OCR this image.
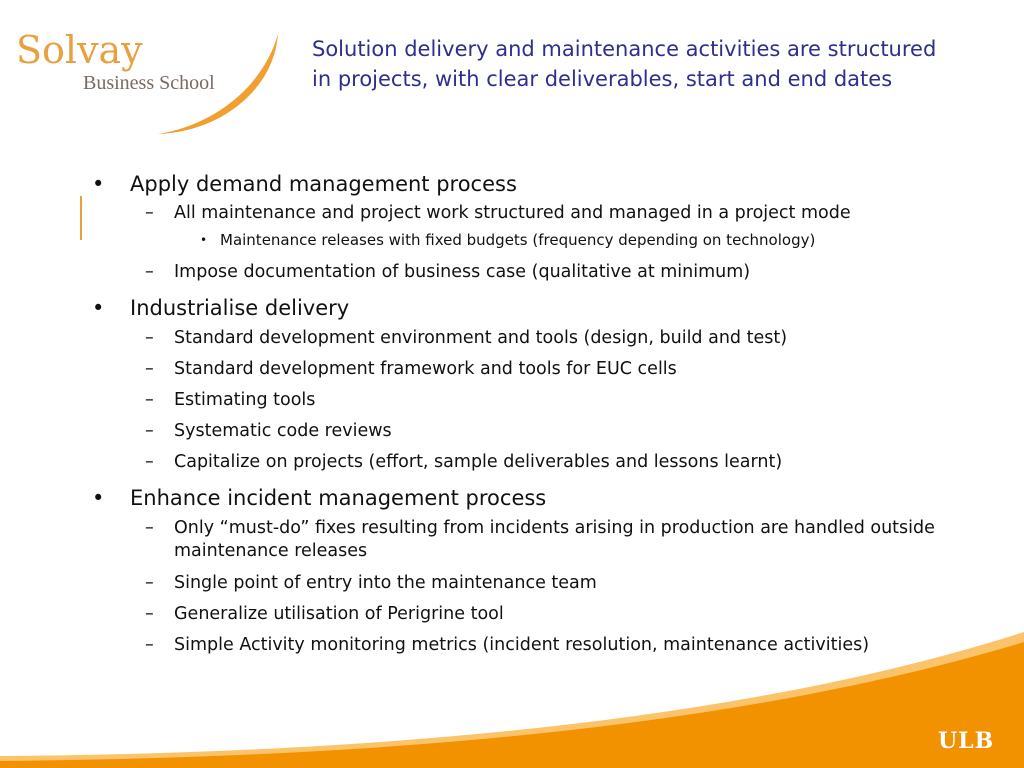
Solvay
Business School
Solution delivery and maintenance activities are structured in projects, with clear deliverables, start and end dates
• Apply demand management process
– All maintenance and project work structured and managed in a project mode
• Maintenance releases with fixed budgets (frequency depending on technology)
– Impose documentation of business case (qualitative at minimum)
• Industrialise delivery
– Standard development environment and tools (design, build and test)
– Standard development framework and tools for EUC cells
– Estimating tools
– Systematic code reviews
– Capitalize on projects (effort, sample deliverables and lessons learnt)
• Enhance incident management process
– Only “must-do” fixes resulting from incidents arising in production are handled outside maintenance releases
– Single point of entry into the maintenance team
– Generalize utilisation of Perigrine tool
– Simple Activity monitoring metrics (incident resolution, maintenance activities)
ULB
